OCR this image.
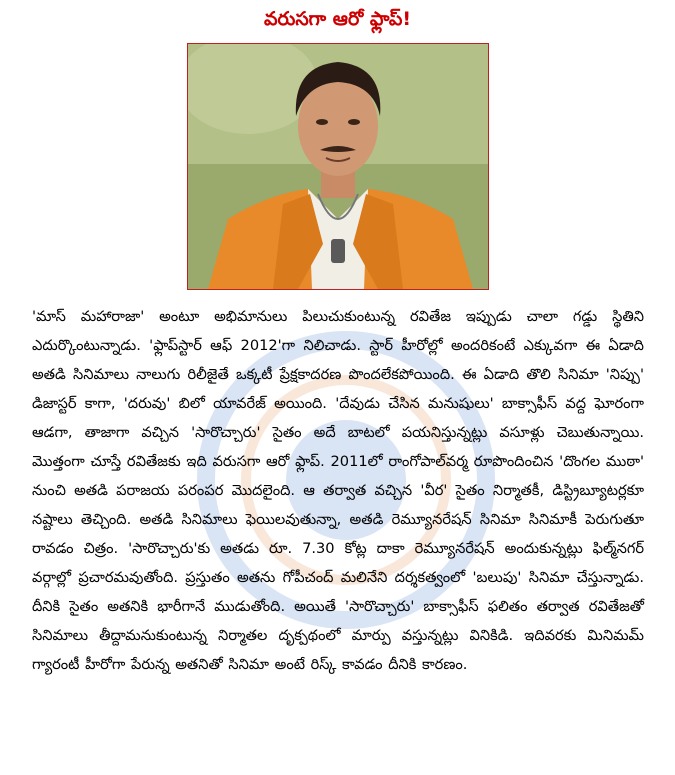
వరుసగా ఆరో ఫ్లాప్!

'మాస్ మహారాజా' అంటూ అభిమానులు పిలుచుకుంటున్న రవితేజ ఇప్పుడు చాలా గడ్డు స్థితిని ఎదుర్కొంటున్నాడు. 'ఫ్లాప్‌స్టార్ ఆఫ్ 2012'గా నిలిచాడు. స్టార్ హీరోల్లో అందరికంటే ఎక్కువగా ఈ ఏడాది అతడి సినిమాలు నాలుగు రిలీజైతే ఒక్కటీ ప్రేక్షకాదరణ పొందలేకపోయింది. ఈ ఏడాది తొలి సినిమా 'నిప్పు' డిజాస్టర్ కాగా, 'దరువు' బిలో యావరేజ్ అయింది. 'దేవుడు చేసిన మనుషులు' బాక్సాఫీస్ వద్ద ఘోరంగా ఆడగా, తాజాగా వచ్చిన 'సారొచ్చారు' సైతం అదే బాటలో పయనిస్తున్నట్లు వసూళ్లు చెబుతున్నాయి. మొత్తంగా చూస్తే రవితేజకు ఇది వరుసగా ఆరో ఫ్లాప్. 2011లో రాంగోపాల్‌వర్మ రూపొందించిన 'దొంగల ముఠా' నుంచి అతడి పరాజయ పరంపర మొదలైంది. ఆ తర్వాత వచ్చిన 'వీర' సైతం నిర్మాతకీ, డిస్ట్రిబ్యూటర్లకూ నష్టాలు తెచ్చింది. అతడి సినిమాలు ఫెయిలవుతున్నా, అతడి రెమ్యూనరేషన్ సినిమా సినిమాకీ పెరుగుతూ రావడం చిత్రం. 'సారొచ్చారు'కు అతడు రూ. 7.30 కోట్ల దాకా రెమ్యూనరేషన్ అందుకున్నట్లు ఫిల్మ్‌నగర్ వర్గాల్లో ప్రచారమవుతోంది. ప్రస్తుతం అతను గోపీచంద్ మలినేని దర్శకత్వంలో 'బలుపు' సినిమా చేస్తున్నాడు. దీనికి సైతం అతనికి భారీగానే ముడుతోంది. అయితే 'సారొచ్చారు' బాక్సాఫీస్ ఫలితం తర్వాత రవితేజతో సినిమాలు తీద్దామనుకుంటున్న నిర్మాతల దృక్పథంలో మార్పు వస్తున్నట్లు వినికిడి. ఇదివరకు మినిమమ్ గ్యారంటీ హీరోగా పేరున్న అతనితో సినిమా అంటే రిస్క్ కావడం దీనికి కారణం.
